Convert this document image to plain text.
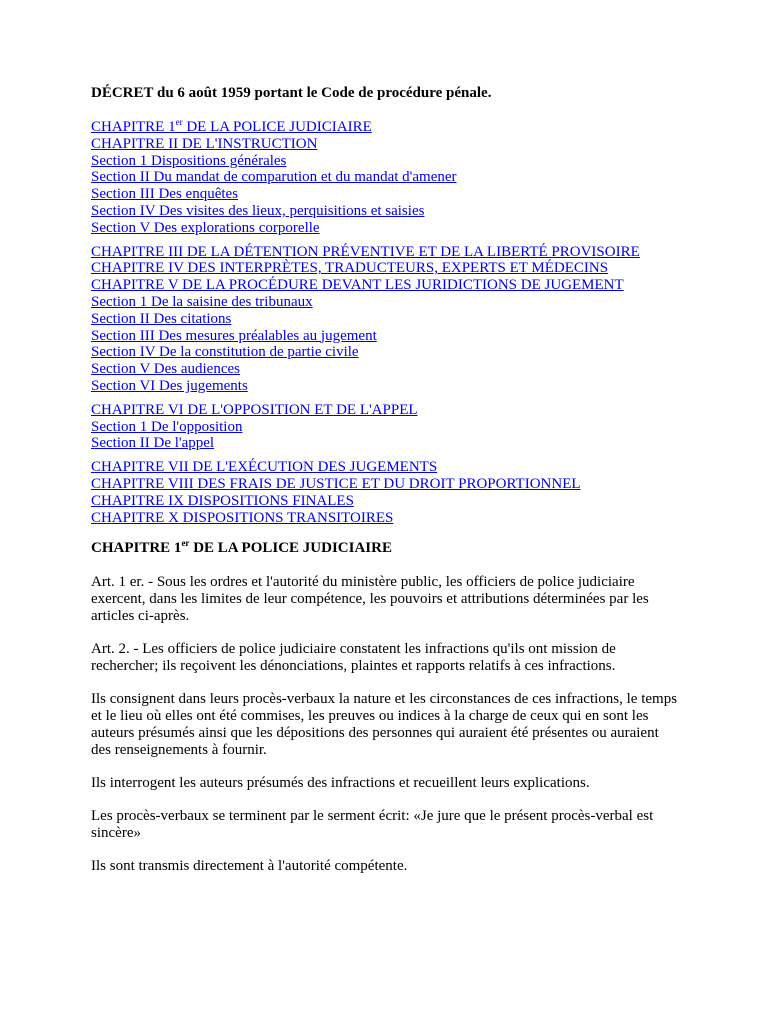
DÉCRET du 6 août 1959 portant le Code de procédure pénale.
CHAPITRE 1er DE LA POLICE JUDICIAIRE
CHAPITRE II DE L'INSTRUCTION
Section 1 Dispositions générales
Section II Du mandat de comparution et du mandat d'amener
Section III Des enquêtes
Section IV Des visites des lieux, perquisitions et saisies
Section V Des explorations corporelle
CHAPITRE III DE LA DÉTENTION PRÉVENTIVE ET DE LA LIBERTÉ PROVISOIRE
CHAPITRE IV DES INTERPRÈTES, TRADUCTEURS, EXPERTS ET MÉDECINS
CHAPITRE V DE LA PROCÉDURE DEVANT LES JURIDICTIONS DE JUGEMENT
Section 1 De la saisine des tribunaux
Section II Des citations
Section III Des mesures préalables au jugement
Section IV De la constitution de partie civile
Section V Des audiences
Section VI Des jugements
CHAPITRE VI DE L'OPPOSITION ET DE L'APPEL
Section 1 De l'opposition
Section II De l'appel
CHAPITRE VII DE L'EXÉCUTION DES JUGEMENTS
CHAPITRE VIII DES FRAIS DE JUSTICE ET DU DROIT PROPORTIONNEL
CHAPITRE IX DISPOSITIONS FINALES
CHAPITRE X DISPOSITIONS TRANSITOIRES
CHAPITRE 1er DE LA POLICE JUDICIAIRE

Art. 1 er. - Sous les ordres et l'autorité du ministère public, les officiers de police judiciaire exercent, dans les limites de leur compétence, les pouvoirs et attributions déterminées par les articles ci-après.

Art. 2. - Les officiers de police judiciaire constatent les infractions qu'ils ont mission de rechercher; ils reçoivent les dénonciations, plaintes et rapports relatifs à ces infractions.

Ils consignent dans leurs procès-verbaux la nature et les circonstances de ces infractions, le temps et le lieu où elles ont été commises, les preuves ou indices à la charge de ceux qui en sont les auteurs présumés ainsi que les dépositions des personnes qui auraient été présentes ou auraient des renseignements à fournir.

Ils interrogent les auteurs présumés des infractions et recueillent leurs explications.

Les procès-verbaux se terminent par le serment écrit: «Je jure que le présent procès-verbal est sincère»

Ils sont transmis directement à l'autorité compétente.
